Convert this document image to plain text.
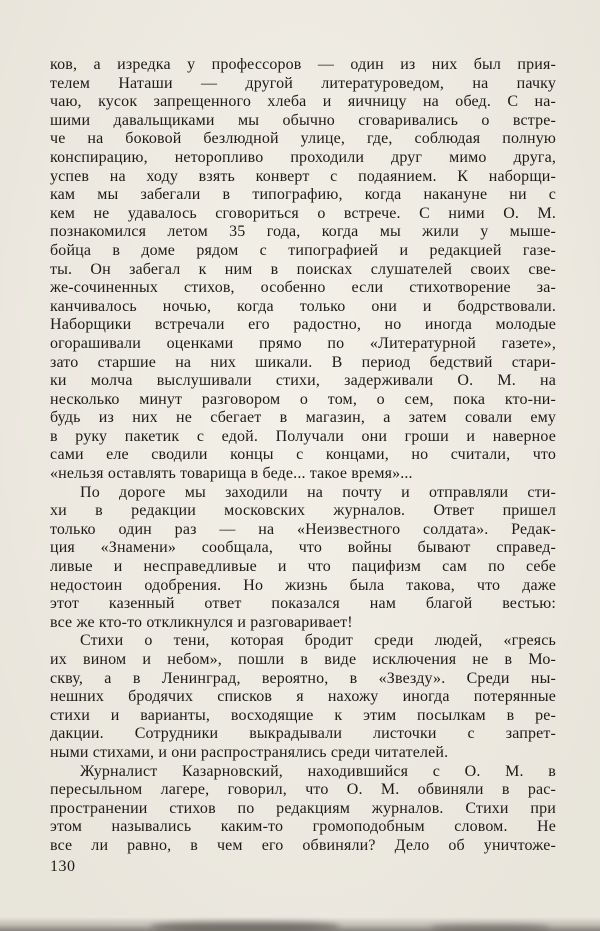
ков, а изредка у профессоров — один из них был прия-
телем Наташи — другой литературоведом, на пачку
чаю, кусок запрещенного хлеба и яичницу на обед. С на-
шими давальщиками мы обычно сговаривались о встре-
че на боковой безлюдной улице, где, соблюдая полную
конспирацию, неторопливо проходили друг мимо друга,
успев на ходу взять конверт с подаянием. К наборщи-
кам мы забегали в типографию, когда накануне ни с
кем не удавалось сговориться о встрече. С ними О. М.
познакомился летом 35 года, когда мы жили у мыше-
бойца в доме рядом с типографией и редакцией газе-
ты. Он забегал к ним в поисках слушателей своих све-
же-сочиненных стихов, особенно если стихотворение за-
канчивалось ночью, когда только они и бодрствовали.
Наборщики встречали его радостно, но иногда молодые
огорашивали оценками прямо по «Литературной газете»,
зато старшие на них шикали. В период бедствий стари-
ки молча выслушивали стихи, задерживали О. М. на
несколько минут разговором о том, о сем, пока кто-ни-
будь из них не сбегает в магазин, а затем совали ему
в руку пакетик с едой. Получали они гроши и наверное
сами еле сводили концы с концами, но считали, что
«нельзя оставлять товарища в беде... такое время»...
По дороге мы заходили на почту и отправляли сти-
хи в редакции московских журналов. Ответ пришел
только один раз — на «Неизвестного солдата». Редак-
ция «Знамени» сообщала, что войны бывают справед-
ливые и несправедливые и что пацифизм сам по себе
недостоин одобрения. Но жизнь была такова, что даже
этот казенный ответ показался нам благой вестью:
все же кто-то откликнулся и разговаривает!
Стихи о тени, которая бродит среди людей, «греясь
их вином и небом», пошли в виде исключения не в Мо-
скву, а в Ленинград, вероятно, в «Звезду». Среди ны-
нешних бродячих списков я нахожу иногда потерянные
стихи и варианты, восходящие к этим посылкам в ре-
дакции. Сотрудники выкрадывали листочки с запрет-
ными стихами, и они распространялись среди читателей.
Журналист Казарновский, находившийся с О. М. в
пересыльном лагере, говорил, что О. М. обвиняли в рас-
пространении стихов по редакциям журналов. Стихи при
этом назывались каким-то громоподобным словом. Не
все ли равно, в чем его обвиняли? Дело об уничтоже-
130
